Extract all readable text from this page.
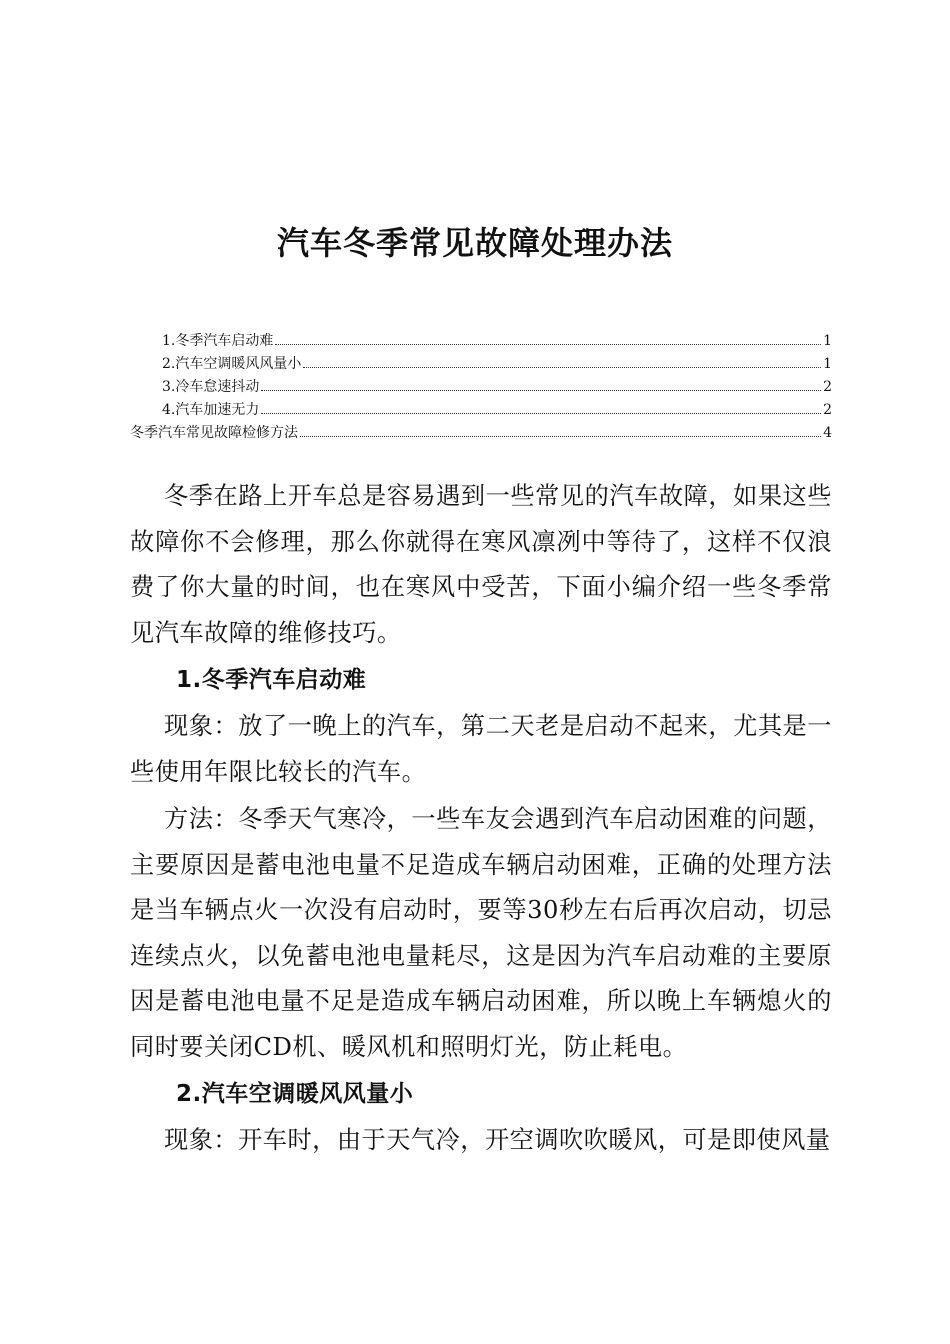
汽车冬季常见故障处理办法
1.冬季汽车启动难	1
2.汽车空调暖风风量小	1
3.冷车怠速抖动	2
4.汽车加速无力	2
冬季汽车常见故障检修方法	4

冬季在路上开车总是容易遇到一些常见的汽车故障，如果这些故障你不会修理，那么你就得在寒风凛冽中等待了，这样不仅浪费了你大量的时间，也在寒风中受苦，下面小编介绍一些冬季常见汽车故障的维修技巧。

1.冬季汽车启动难

现象：放了一晚上的汽车，第二天老是启动不起来，尤其是一些使用年限比较长的汽车。

方法：冬季天气寒冷，一些车友会遇到汽车启动困难的问题，主要原因是蓄电池电量不足造成车辆启动困难，正确的处理方法是当车辆点火一次没有启动时，要等30秒左右后再次启动，切忌连续点火，以免蓄电池电量耗尽，这是因为汽车启动难的主要原因是蓄电池电量不足是造成车辆启动困难，所以晚上车辆熄火的同时要关闭CD机、暖风机和照明灯光，防止耗电。

2.汽车空调暖风风量小

现象：开车时，由于天气冷，开空调吹吹暖风，可是即使风量
